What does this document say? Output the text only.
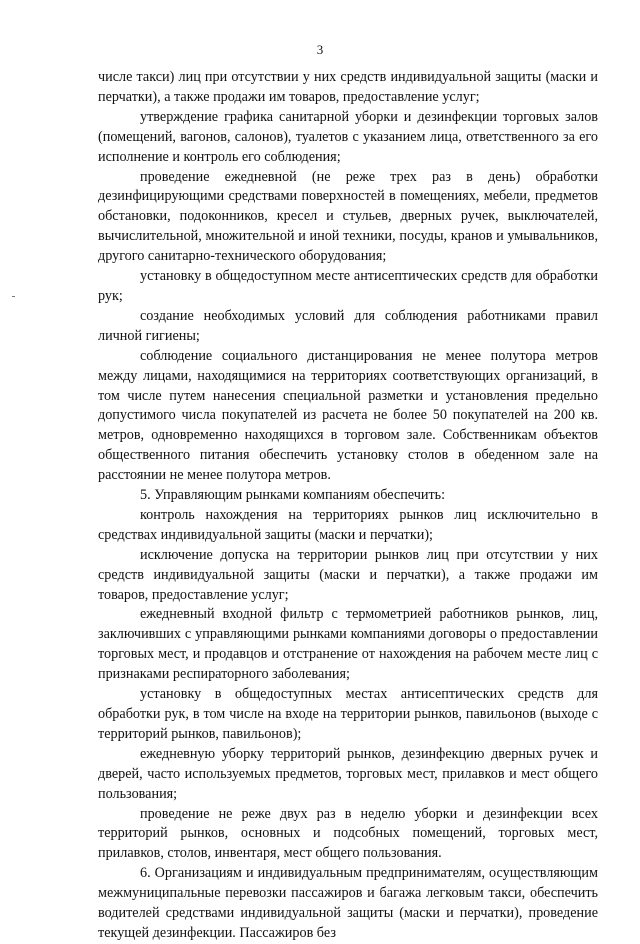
3

числе такси) лиц при отсутствии у них средств индивидуальной защиты (маски и перчатки), а также продажи им товаров, предоставление услуг;

утверждение графика санитарной уборки и дезинфекции торговых залов (помещений, вагонов, салонов), туалетов с указанием лица, ответственного за его исполнение и контроль его соблюдения;

проведение ежедневной (не реже трех раз в день) обработки дезинфицирующими средствами поверхностей в помещениях, мебели, предметов обстановки, подоконников, кресел и стульев, дверных ручек, выключателей, вычислительной, множительной и иной техники, посуды, кранов и умывальников, другого санитарно-технического оборудования;

установку в общедоступном месте антисептических средств для обработки рук;

создание необходимых условий для соблюдения работниками правил личной гигиены;

соблюдение социального дистанцирования не менее полутора метров между лицами, находящимися на территориях соответствующих организаций, в том числе путем нанесения специальной разметки и установления предельно допустимого числа покупателей из расчета не более 50 покупателей на 200 кв. метров, одновременно находящихся в торговом зале. Собственникам объектов общественного питания обеспечить установку столов в обеденном зале на расстоянии не менее полутора метров.

5. Управляющим рынками компаниям обеспечить:

контроль нахождения на территориях рынков лиц исключительно в средствах индивидуальной защиты (маски и перчатки);

исключение допуска на территории рынков лиц при отсутствии у них средств индивидуальной защиты (маски и перчатки), а также продажи им товаров, предоставление услуг;

ежедневный входной фильтр с термометрией работников рынков, лиц, заключивших с управляющими рынками компаниями договоры о предоставлении торговых мест, и продавцов и отстранение от нахождения на рабочем месте лиц с признаками респираторного заболевания;

установку в общедоступных местах антисептических средств для обработки рук, в том числе на входе на территории рынков, павильонов (выходе с территорий рынков, павильонов);

ежедневную уборку территорий рынков, дезинфекцию дверных ручек и дверей, часто используемых предметов, торговых мест, прилавков и мест общего пользования;

проведение не реже двух раз в неделю уборки и дезинфекции всех территорий рынков, основных и подсобных помещений, торговых мест, прилавков, столов, инвентаря, мест общего пользования.

6. Организациям и индивидуальным предпринимателям, осуществляющим межмуниципальные перевозки пассажиров и багажа легковым такси, обеспечить водителей средствами индивидуальной защиты (маски и перчатки), проведение текущей дезинфекции. Пассажиров без
